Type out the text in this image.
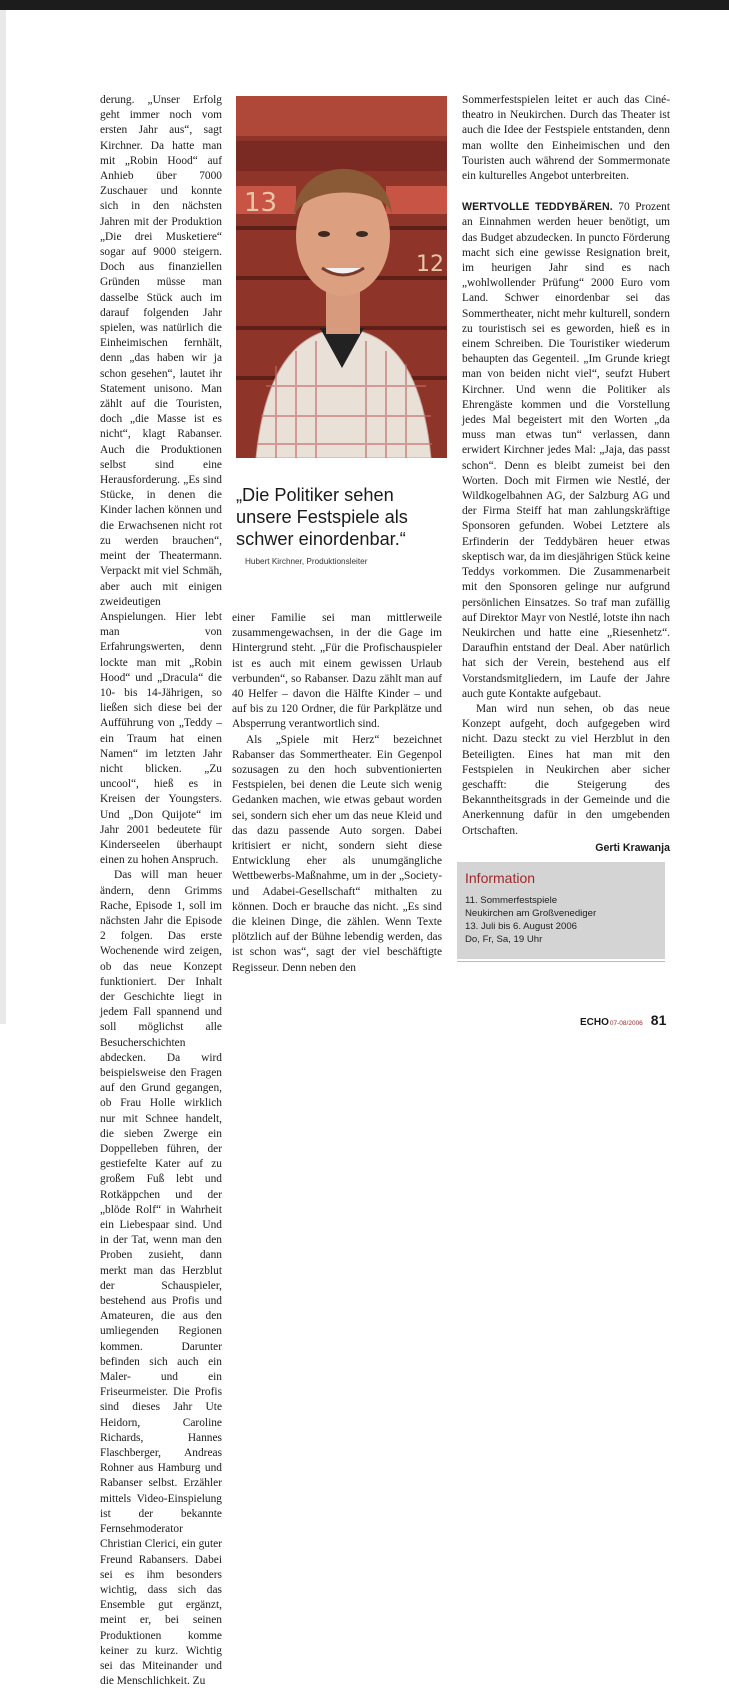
derung. „Unser Erfolg geht immer noch vom ersten Jahr aus“, sagt Kirchner. Da hatte man mit „Robin Hood“ auf Anhieb über 7000 Zuschauer und konnte sich in den nächsten Jahren mit der Produktion „Die drei Musketiere“ sogar auf 9000 steigern. Doch aus finanziellen Gründen müsse man dasselbe Stück auch im darauf folgenden Jahr spielen, was natürlich die Einheimischen fernhält, denn „das haben wir ja schon gesehen“, lautet ihr Statement unisono. Man zählt auf die Touristen, doch „die Masse ist es nicht“, klagt Rabanser. Auch die Produktionen selbst sind eine Herausforderung. „Es sind Stücke, in denen die Kinder lachen können und die Erwachsenen nicht rot zu werden brauchen“, meint der Theatermann. Verpackt mit viel Schmäh, aber auch mit einigen zweideutigen Anspielungen. Hier lebt man von Erfahrungswerten, denn lockte man mit „Robin Hood“ und „Dracula“ die 10- bis 14-Jährigen, so ließen sich diese bei der Aufführung von „Teddy – ein Traum hat einen Namen“ im letzten Jahr nicht blicken. „Zu uncool“, hieß es in Kreisen der Youngsters. Und „Don Quijote“ im Jahr 2001 bedeutete für Kinderseelen überhaupt einen zu hohen Anspruch.

Das will man heuer ändern, denn Grimms Rache, Episode 1, soll im nächsten Jahr die Episode 2 folgen. Das erste Wochenende wird zeigen, ob das neue Konzept funktioniert. Der Inhalt der Geschichte liegt in jedem Fall spannend und soll möglichst alle Besucherschichten abdecken. Da wird beispielsweise den Fragen auf den Grund gegangen, ob Frau Holle wirklich nur mit Schnee handelt, die sieben Zwerge ein Doppelleben führen, der gestiefelte Kater auf zu großem Fuß lebt und Rotkäppchen und der „blöde Rolf“ in Wahrheit ein Liebespaar sind. Und in der Tat, wenn man den Proben zusieht, dann merkt man das Herzblut der Schauspieler, bestehend aus Profis und Amateuren, die aus den umliegenden Regionen kommen. Darunter befinden sich auch ein Maler- und ein Friseurmeister. Die Profis sind dieses Jahr Ute Heidorn, Caroline Richards, Hannes Flaschberger, Andreas Rohner aus Hamburg und Rabanser selbst. Erzähler mittels Video-Einspielung ist der bekannte Fernsehmoderator Christian Clerici, ein guter Freund Rabansers. Dabei sei es ihm besonders wichtig, dass sich das Ensemble gut ergänzt, meint er, bei seinen Produktionen komme keiner zu kurz. Wichtig sei das Miteinander und die Menschlichkeit. Zu

13
12
„Die Politiker sehen unsere Festspiele als schwer einordenbar.“
Hubert Kirchner, Produktionsleiter

einer Familie sei man mittlerweile zusammengewachsen, in der die Gage im Hintergrund steht. „Für die Profischauspieler ist es auch mit einem gewissen Urlaub verbunden“, so Rabanser. Dazu zählt man auf 40 Helfer – davon die Hälfte Kinder – und auf bis zu 120 Ordner, die für Parkplätze und Absperrung verantwortlich sind.

Als „Spiele mit Herz“ bezeichnet Rabanser das Sommertheater. Ein Gegenpol sozusagen zu den hoch subventionierten Festspielen, bei denen die Leute sich wenig Gedanken machen, wie etwas gebaut worden sei, sondern sich eher um das neue Kleid und das dazu passende Auto sorgen. Dabei kritisiert er nicht, sondern sieht diese Entwicklung eher als unumgängliche Wettbewerbs-Maßnahme, um in der „Society- und Adabei-Gesellschaft“ mithalten zu können. Doch er brauche das nicht. „Es sind die kleinen Dinge, die zählen. Wenn Texte plötzlich auf der Bühne lebendig werden, das ist schon was“, sagt der viel beschäftigte Regisseur. Denn neben den

Sommerfestspielen leitet er auch das Ciné-theatro in Neukirchen. Durch das Theater ist auch die Idee der Festspiele entstanden, denn man wollte den Einheimischen und den Touristen auch während der Sommermonate ein kulturelles Angebot unterbreiten.

WERTVOLLE TEDDYBÄREN. 70 Prozent an Einnahmen werden heuer benötigt, um das Budget abzudecken. In puncto Förderung macht sich eine gewisse Resignation breit, im heurigen Jahr sind es nach „wohlwollender Prüfung“ 2000 Euro vom Land. Schwer einordenbar sei das Sommertheater, nicht mehr kulturell, sondern zu touristisch sei es geworden, hieß es in einem Schreiben. Die Touristiker wiederum behaupten das Gegenteil. „Im Grunde kriegt man von beiden nicht viel“, seufzt Hubert Kirchner. Und wenn die Politiker als Ehrengäste kommen und die Vorstellung jedes Mal begeistert mit den Worten „da muss man etwas tun“ verlassen, dann erwidert Kirchner jedes Mal: „Jaja, das passt schon“. Denn es bleibt zumeist bei den Worten. Doch mit Firmen wie Nestlé, der Wildkogelbahnen AG, der Salzburg AG und der Firma Steiff hat man zahlungskräftige Sponsoren gefunden. Wobei Letztere als Erfinderin der Teddybären heuer etwas skeptisch war, da im diesjährigen Stück keine Teddys vorkommen. Die Zusammenarbeit mit den Sponsoren gelinge nur aufgrund persönlichen Einsatzes. So traf man zufällig auf Direktor Mayr von Nestlé, lotste ihn nach Neukirchen und hatte eine „Riesenhetz“. Daraufhin entstand der Deal. Aber natürlich hat sich der Verein, bestehend aus elf Vorstandsmitgliedern, im Laufe der Jahre auch gute Kontakte aufgebaut.

Man wird nun sehen, ob das neue Konzept aufgeht, doch aufgegeben wird nicht. Dazu steckt zu viel Herzblut in den Beteiligten. Eines hat man mit den Festspielen in Neukirchen aber sicher geschafft: die Steigerung des Bekanntheitsgrads in der Gemeinde und die Anerkennung dafür in den umgebenden Ortschaften.

Gerti Krawanja
Information
11. Sommerfestspiele
Neukirchen am Großvenediger
13. Juli bis 6. August 2006
Do, Fr, Sa, 19 Uhr
ECHO07-08/2006 81
